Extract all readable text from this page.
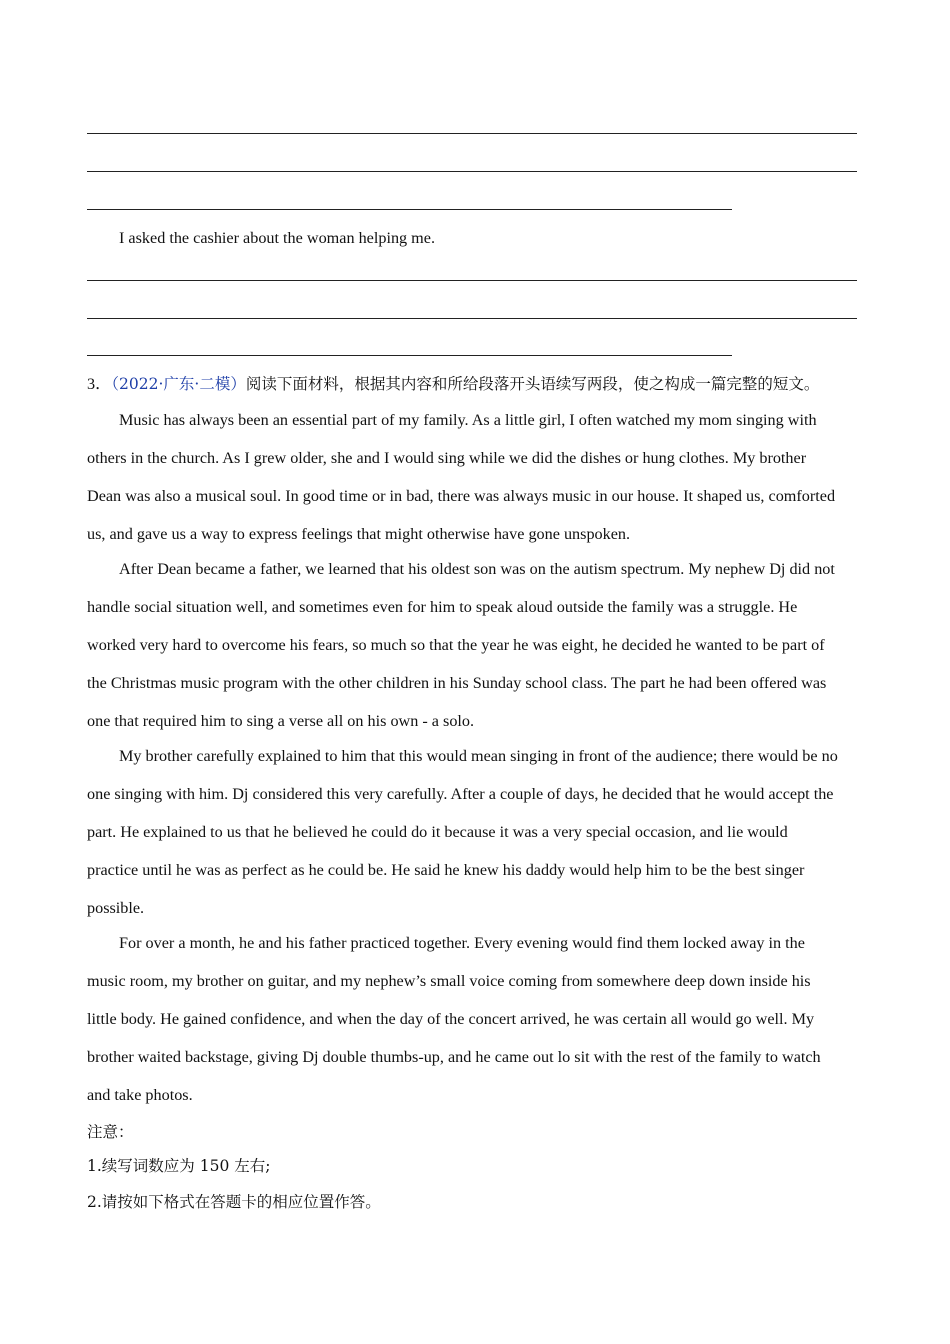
I asked the cashier about the woman helping me.
3．（2022·广东·二模）阅读下面材料，根据其内容和所给段落开头语续写两段，使之构成一篇完整的短文。
Music has always been an essential part of my family. As a little girl, I often watched my mom singing with
others in the church. As I grew older, she and I would sing while we did the dishes or hung clothes. My brother
Dean was also a musical soul. In good time or in bad, there was always music in our house. It shaped us, comforted
us, and gave us a way to express feelings that might otherwise have gone unspoken.
After Dean became a father, we learned that his oldest son was on the autism spectrum. My nephew Dj did not
handle social situation well, and sometimes even for him to speak aloud outside the family was a struggle. He
worked very hard to overcome his fears, so much so that the year he was eight, he decided he wanted to be part of
the Christmas music program with the other children in his Sunday school class. The part he had been offered was
one that required him to sing a verse all on his own - a solo.
My brother carefully explained to him that this would mean singing in front of the audience; there would be no
one singing with him. Dj considered this very carefully. After a couple of days, he decided that he would accept the
part. He explained to us that he believed he could do it because it was a very special occasion, and lie would
practice until he was as perfect as he could be. He said he knew his daddy would help him to be the best singer
possible.
For over a month, he and his father practiced together. Every evening would find them locked away in the
music room, my brother on guitar, and my nephew’s small voice coming from somewhere deep down inside his
little body. He gained confidence, and when the day of the concert arrived, he was certain all would go well. My
brother waited backstage, giving Dj double thumbs-up, and he came out lo sit with the rest of the family to watch
and take photos.
注意：
1.续写词数应为 150 左右;
2.请按如下格式在答题卡的相应位置作答。
